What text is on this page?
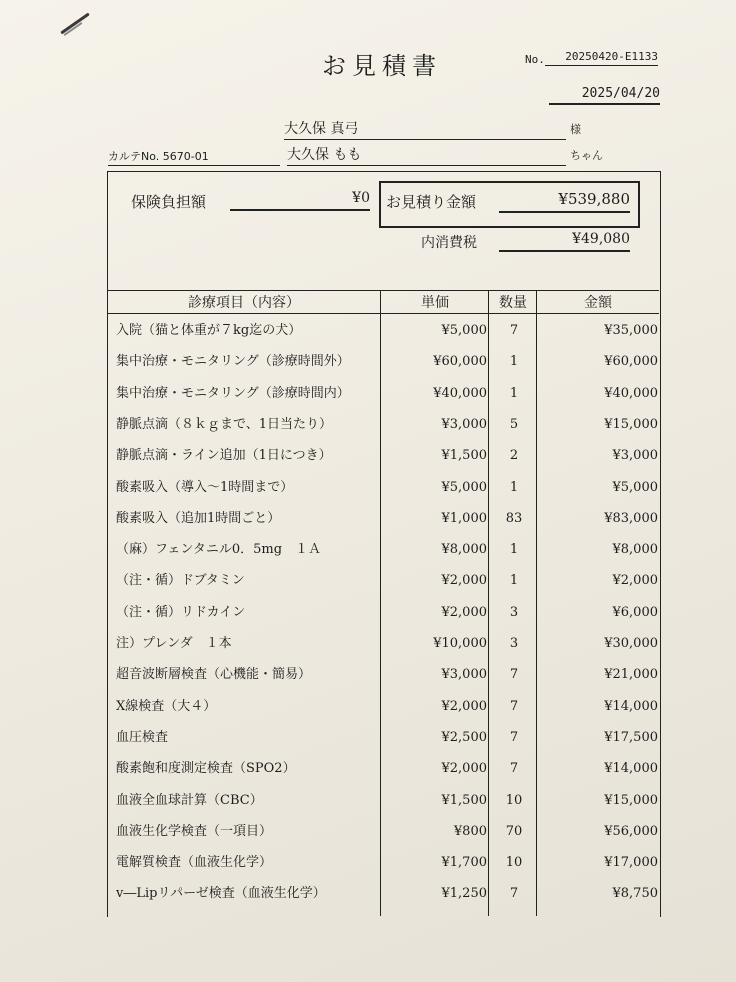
お見積書	No.	20250420-E1133
2025/04/20
大久保 真弓	様
カルテNo. 5670-01	大久保 もも	ちゃん
保険負担額	¥0 お見積り金額	¥539,880
内消費税	¥49,080
診療項目（内容）	単価	数量	金額
入院（猫と体重が７kg迄の犬）	¥5,000	7	¥35,000
集中治療・モニタリング（診療時間外）	¥60,000	1	¥60,000
集中治療・モニタリング（診療時間内）	¥40,000	1	¥40,000
静脈点滴（８ｋｇまで、1日当たり）	¥3,000	5	¥15,000
静脈点滴・ライン追加（1日につき）	¥1,500	2	¥3,000
酸素吸入（導入〜1時間まで）	¥5,000	1	¥5,000
酸素吸入（追加1時間ごと）	¥1,000	83	¥83,000
（麻）フェンタニル0．5mg　１Ａ	¥8,000	1	¥8,000
（注・循）ドブタミン	¥2,000	1	¥2,000
（注・循）リドカイン	¥2,000	3	¥6,000
注）プレンダ　１本	¥10,000	3	¥30,000
超音波断層検査（心機能・簡易）	¥3,000	7	¥21,000
X線検査（大４）	¥2,000	7	¥14,000
血圧検査	¥2,500	7	¥17,500
酸素飽和度測定検査（SPO2）	¥2,000	7	¥14,000
血液全血球計算（CBC）	¥1,500	10	¥15,000
血液生化学検査（一項目）	¥800	70	¥56,000
電解質検査（血液生化学）	¥1,700	10	¥17,000
v―Lipリパーゼ検査（血液生化学）	¥1,250	7	¥8,750
